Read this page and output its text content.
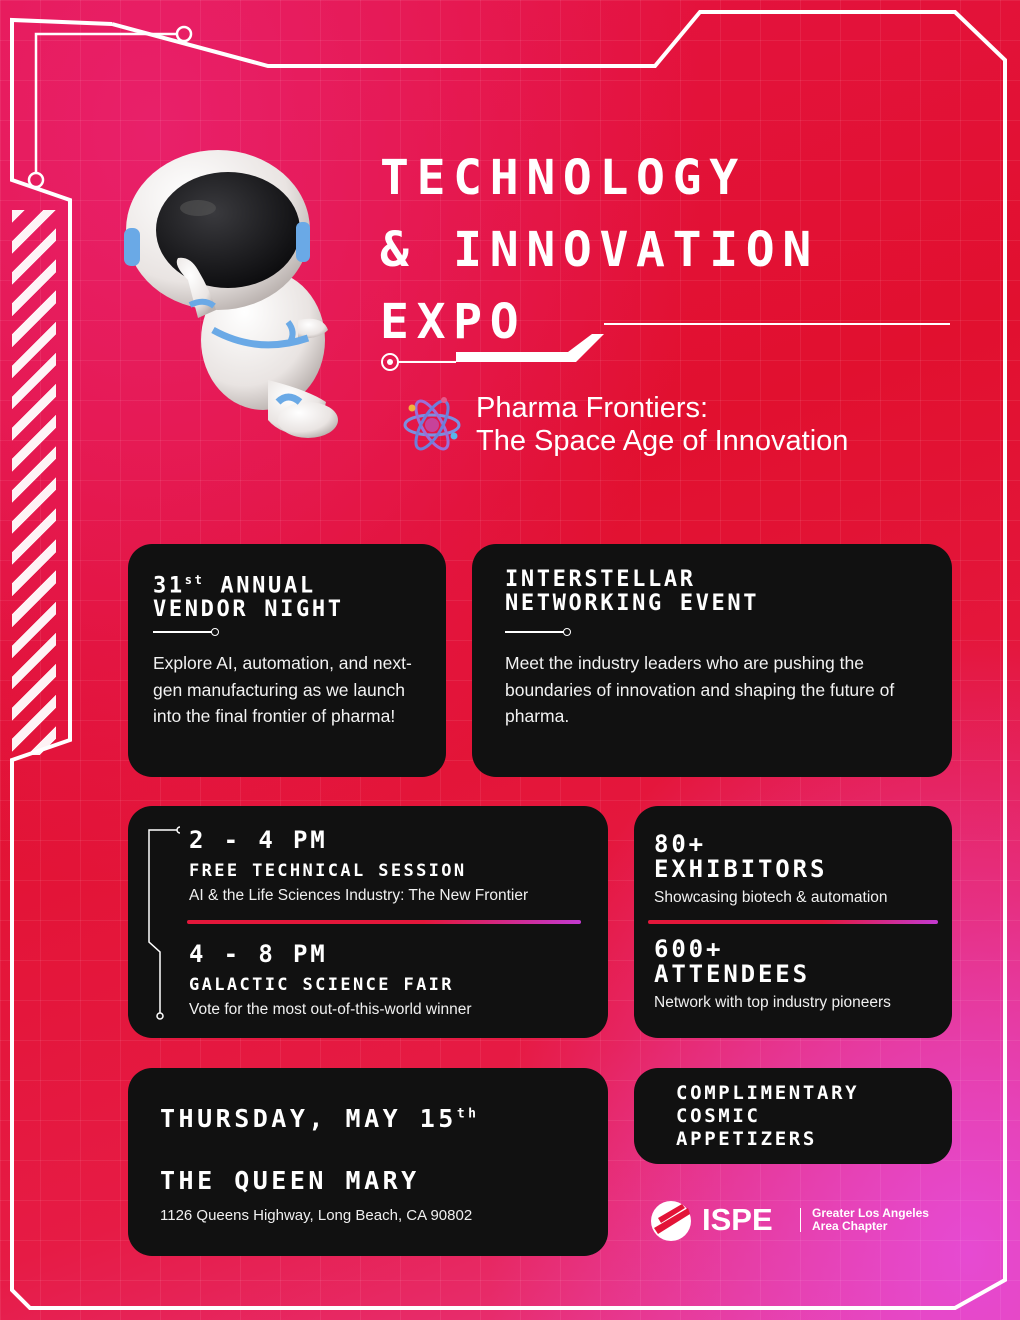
TECHNOLOGY
& INNOVATION
EXPO
Pharma Frontiers:
The Space Age of Innovation
31st ANNUAL
VENDOR NIGHT
Explore AI, automation, and next-gen manufacturing as we launch into the final frontier of pharma!
INTERSTELLAR
NETWORKING EVENT
Meet the industry leaders who are pushing the boundaries of innovation and shaping the future of pharma.
2 - 4 PM
FREE TECHNICAL SESSION
AI & the Life Sciences Industry: The New Frontier
4 - 8 PM
GALACTIC SCIENCE FAIR
Vote for the most out-of-this-world winner
80+
EXHIBITORS
Showcasing biotech & automation
600+
ATTENDEES
Network with top industry pioneers
THURSDAY, MAY 15th
THE QUEEN MARY
1126 Queens Highway, Long Beach, CA 90802
COMPLIMENTARY
COSMIC
APPETIZERS
ISPE	Greater Los Angeles
Area Chapter
